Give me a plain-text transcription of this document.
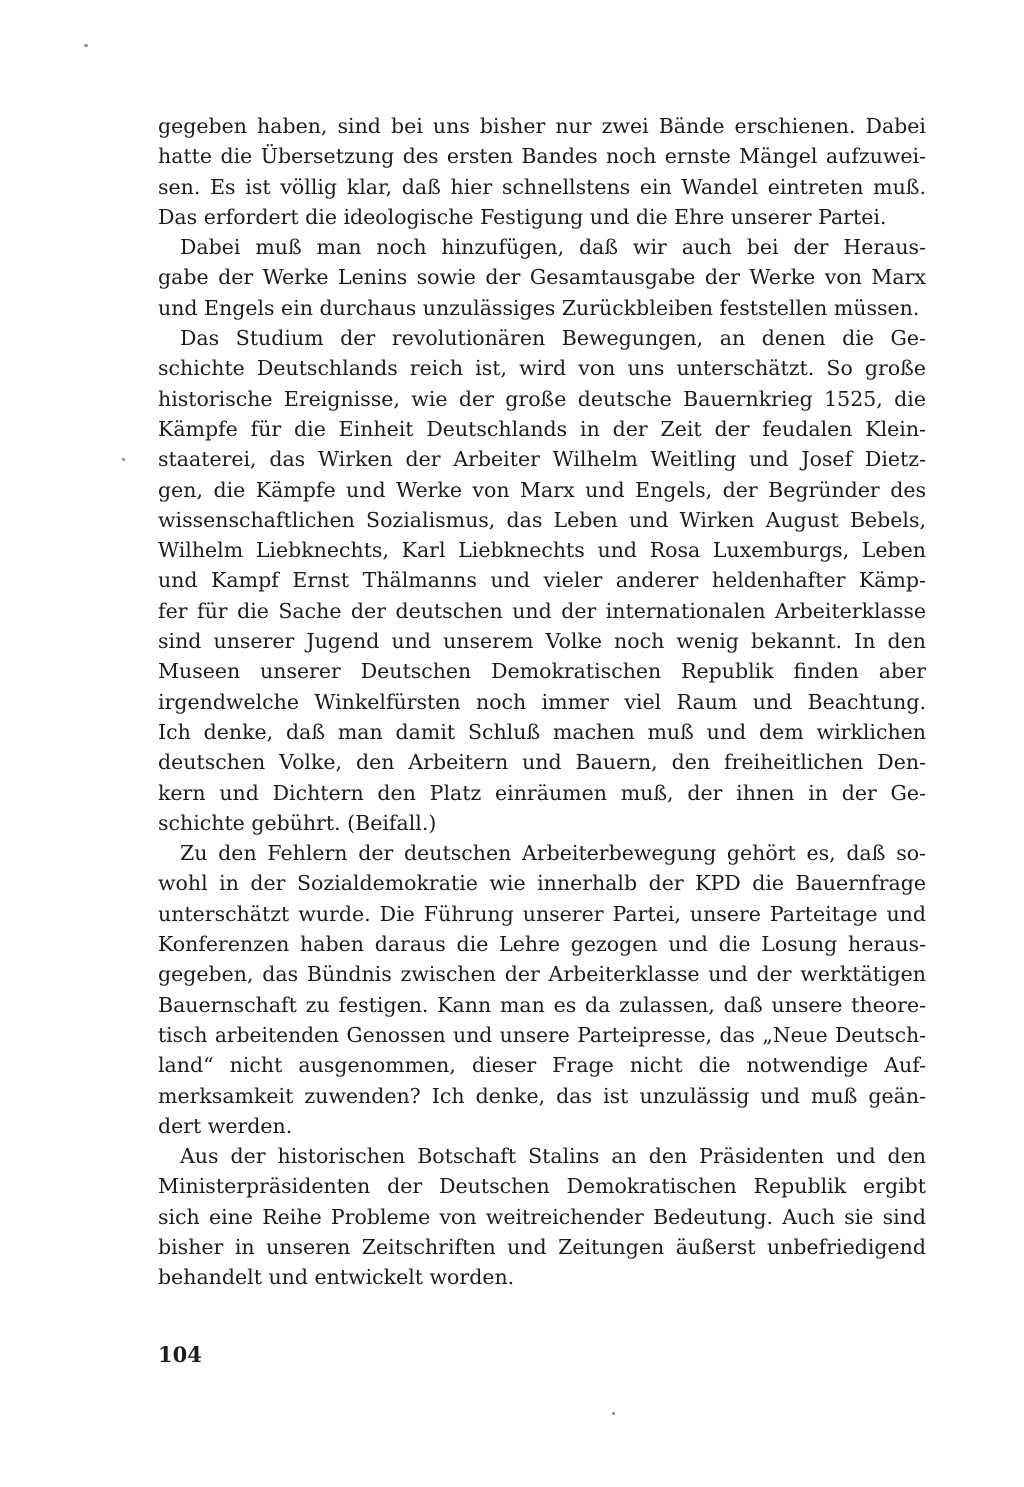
gegeben haben, sind bei uns bisher nur zwei Bände erschienen. Dabei
hatte die Übersetzung des ersten Bandes noch ernste Mängel aufzuwei-
sen. Es ist völlig klar, daß hier schnellstens ein Wandel eintreten muß.
Das erfordert die ideologische Festigung und die Ehre unserer Partei.
Dabei muß man noch hinzufügen, daß wir auch bei der Heraus-
gabe der Werke Lenins sowie der Gesamtausgabe der Werke von Marx
und Engels ein durchaus unzulässiges Zurückbleiben feststellen müssen.
Das Studium der revolutionären Bewegungen, an denen die Ge-
schichte Deutschlands reich ist, wird von uns unterschätzt. So große
historische Ereignisse, wie der große deutsche Bauernkrieg 1525, die
Kämpfe für die Einheit Deutschlands in der Zeit der feudalen Klein-
staaterei, das Wirken der Arbeiter Wilhelm Weitling und Josef Dietz-
gen, die Kämpfe und Werke von Marx und Engels, der Begründer des
wissenschaftlichen Sozialismus, das Leben und Wirken August Bebels,
Wilhelm Liebknechts, Karl Liebknechts und Rosa Luxemburgs, Leben
und Kampf Ernst Thälmanns und vieler anderer heldenhafter Kämp-
fer für die Sache der deutschen und der internationalen Arbeiterklasse
sind unserer Jugend und unserem Volke noch wenig bekannt. In den
Museen unserer Deutschen Demokratischen Republik finden aber
irgendwelche Winkelfürsten noch immer viel Raum und Beachtung.
Ich denke, daß man damit Schluß machen muß und dem wirklichen
deutschen Volke, den Arbeitern und Bauern, den freiheitlichen Den-
kern und Dichtern den Platz einräumen muß, der ihnen in der Ge-
schichte gebührt. (Beifall.)
Zu den Fehlern der deutschen Arbeiterbewegung gehört es, daß so-
wohl in der Sozialdemokratie wie innerhalb der KPD die Bauernfrage
unterschätzt wurde. Die Führung unserer Partei, unsere Parteitage und
Konferenzen haben daraus die Lehre gezogen und die Losung heraus-
gegeben, das Bündnis zwischen der Arbeiterklasse und der werktätigen
Bauernschaft zu festigen. Kann man es da zulassen, daß unsere theore-
tisch arbeitenden Genossen und unsere Parteipresse, das „Neue Deutsch-
land“ nicht ausgenommen, dieser Frage nicht die notwendige Auf-
merksamkeit zuwenden? Ich denke, das ist unzulässig und muß geän-
dert werden.
Aus der historischen Botschaft Stalins an den Präsidenten und den
Ministerpräsidenten der Deutschen Demokratischen Republik ergibt
sich eine Reihe Probleme von weitreichender Bedeutung. Auch sie sind
bisher in unseren Zeitschriften und Zeitungen äußerst unbefriedigend
behandelt und entwickelt worden.
104
